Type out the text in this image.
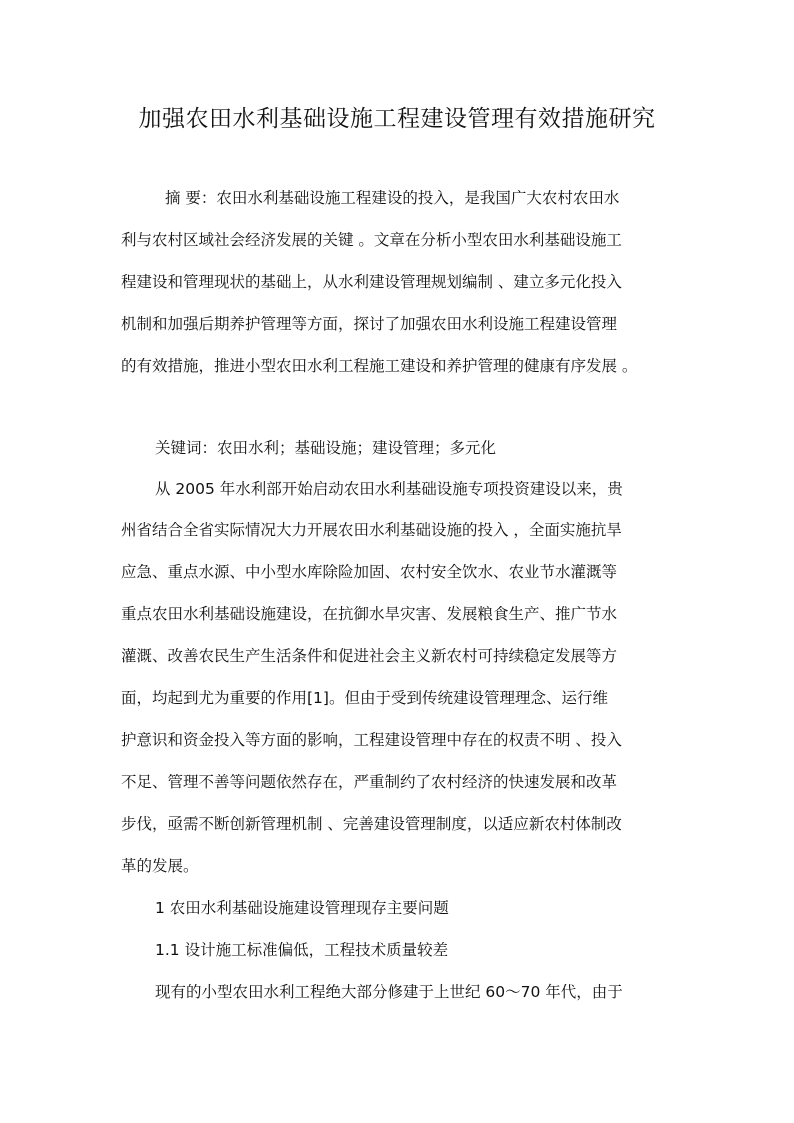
加强农田水利基础设施工程建设管理有效措施研究
摘 要：农田水利基础设施工程建设的投入，是我国广大农村农田水
利与农村区域社会经济发展的关键 。文章在分析小型农田水利基础设施工
程建设和管理现状的基础上，从水利建设管理规划编制 、建立多元化投入
机制和加强后期养护管理等方面，探讨了加强农田水利设施工程建设管理
的有效措施，推进小型农田水利工程施工建设和养护管理的健康有序发展 。
关键词：农田水利；基础设施；建设管理；多元化
从 2005 年水利部开始启动农田水利基础设施专项投资建设以来，贵
州省结合全省实际情况大力开展农田水利基础设施的投入 ，全面实施抗旱
应急、重点水源、中小型水库除险加固、农村安全饮水、农业节水灌溉等
重点农田水利基础设施建设，在抗御水旱灾害、发展粮食生产、推广节水
灌溉、改善农民生产生活条件和促进社会主义新农村可持续稳定发展等方
面，均起到尤为重要的作用[1]。但由于受到传统建设管理理念、运行维
护意识和资金投入等方面的影响，工程建设管理中存在的权责不明 、投入
不足、管理不善等问题依然存在，严重制约了农村经济的快速发展和改革
步伐，亟需不断创新管理机制 、完善建设管理制度，以适应新农村体制改
革的发展。
1 农田水利基础设施建设管理现存主要问题
1.1 设计施工标准偏低，工程技术质量较差
现有的小型农田水利工程绝大部分修建于上世纪 60～70 年代，由于
